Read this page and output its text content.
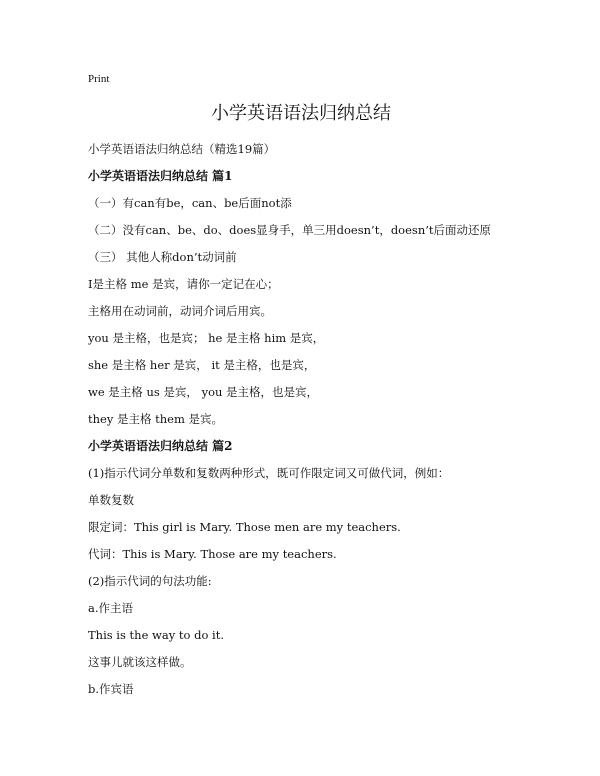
Print
小学英语语法归纳总结

小学英语语法归纳总结（精选19篇）

小学英语语法归纳总结 篇1

（一）有can有be，can、be后面not添

（二）没有can、be、do、does显身手，单三用doesn’t，doesn’t后面动还原

（三） 其他人称don’t动词前

I是主格 me 是宾，请你一定记在心；

主格用在动词前，动词介词后用宾。

you 是主格，也是宾； he 是主格 him 是宾，

she 是主格 her 是宾， it 是主格，也是宾，

we 是主格 us 是宾， you 是主格，也是宾，

they 是主格 them 是宾。

小学英语语法归纳总结 篇2

(1)指示代词分单数和复数两种形式，既可作限定词又可做代词，例如：

单数复数

限定词：This girl is Mary. Those men are my teachers.

代词：This is Mary. Those are my teachers.

(2)指示代词的句法功能:

a.作主语

This is the way to do it.

这事儿就该这样做。

b.作宾语
